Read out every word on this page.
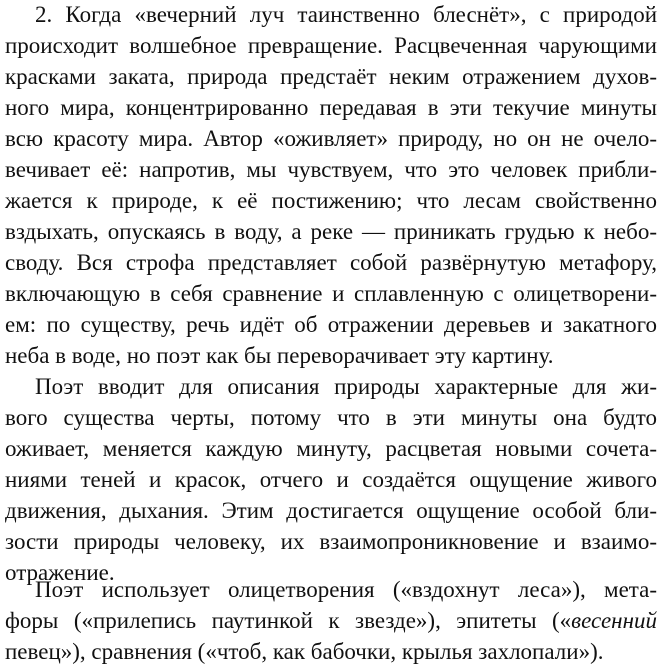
2. Когда «вечерний луч таинственно блеснёт», с природой
происходит волшебное превращение. Расцвеченная чарующими
красками заката, природа предстаёт неким отражением духов-
ного мира, концентрированно передавая в эти текучие минуты
всю красоту мира. Автор «оживляет» природу, но он не очело-
вечивает её: напротив, мы чувствуем, что это человек прибли-
жается к природе, к её постижению; что лесам свойственно
вздыхать, опускаясь в воду, а реке — приникать грудью к небо-
своду. Вся строфа представляет собой развёрнутую метафору,
включающую в себя сравнение и сплавленную с олицетворени-
ем: по существу, речь идёт об отражении деревьев и закатного
неба в воде, но поэт как бы переворачивает эту картину.
Поэт вводит для описания природы характерные для жи-
вого существа черты, потому что в эти минуты она будто
оживает, меняется каждую минуту, расцветая новыми сочета-
ниями теней и красок, отчего и создаётся ощущение живого
движения, дыхания. Этим достигается ощущение особой бли-
зости природы человеку, их взаимопроникновение и взаимо-
отражение.
Поэт использует олицетворения («вздохнут леса»), мета-
форы («прилепись паутинкой к звезде»), эпитеты («весенний
певец»), сравнения («чтоб, как бабочки, крылья захлопали»).
